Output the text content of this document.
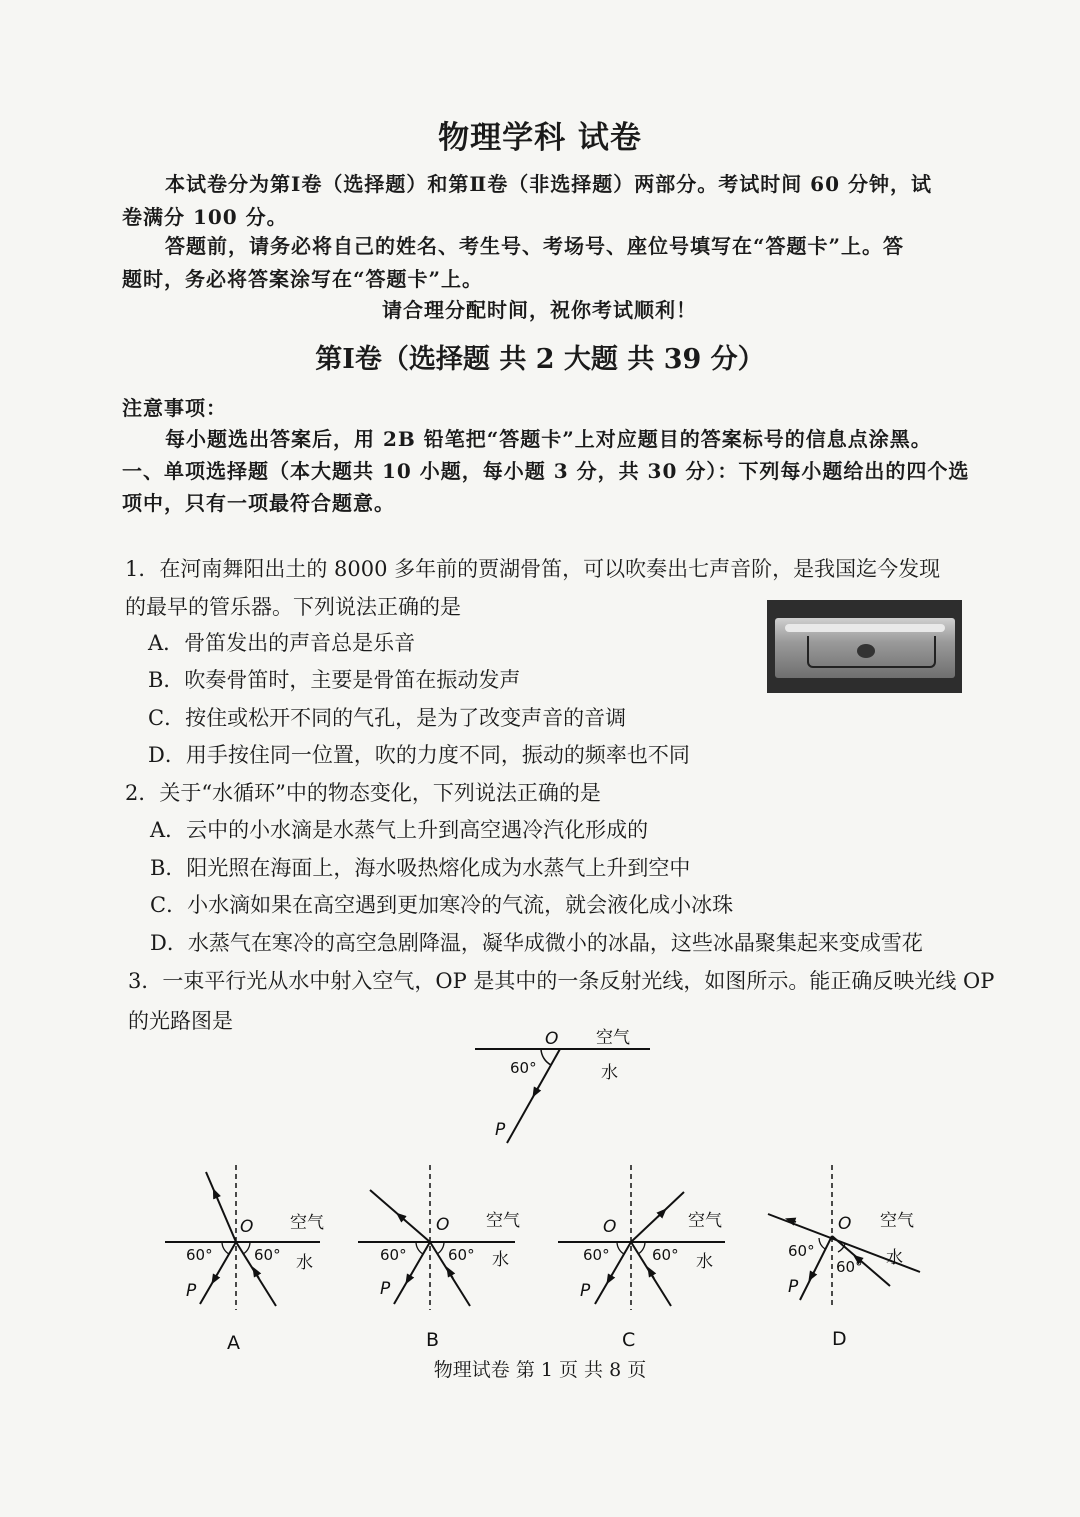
物理学科 试卷
本试卷分为第Ⅰ卷（选择题）和第Ⅱ卷（非选择题）两部分。考试时间 60 分钟，试
卷满分 100 分。
答题前，请务必将自己的姓名、考生号、考场号、座位号填写在“答题卡”上。答
题时，务必将答案涂写在“答题卡”上。
请合理分配时间，祝你考试顺利！
第Ⅰ卷（选择题 共 2 大题 共 39 分）
注意事项：
每小题选出答案后，用 2B 铅笔把“答题卡”上对应题目的答案标号的信息点涂黑。
一、单项选择题（本大题共 10 小题，每小题 3 分，共 30 分）：下列每小题给出的四个选
项中，只有一项最符合题意。
1．在河南舞阳出土的 8000 多年前的贾湖骨笛，可以吹奏出七声音阶，是我国迄今发现
的最早的管乐器。下列说法正确的是
A．骨笛发出的声音总是乐音
B．吹奏骨笛时，主要是骨笛在振动发声
C．按住或松开不同的气孔，是为了改变声音的音调
D．用手按住同一位置，吹的力度不同，振动的频率也不同
2．关于“水循环”中的物态变化，下列说法正确的是
A．云中的小水滴是水蒸气上升到高空遇冷汽化形成的
B．阳光照在海面上，海水吸热熔化成为水蒸气上升到空中
C．小水滴如果在高空遇到更加寒冷的气流，就会液化成小冰珠
D．水蒸气在寒冷的高空急剧降温，凝华成微小的冰晶，这些冰晶聚集起来变成雪花
3．一束平行光从水中射入空气，OP 是其中的一条反射光线，如图所示。能正确反映光线 OP
的光路图是
O 空气
水
60°
P
O 空气
水
60°	60°
P
A
O 空气
水
60°	60°
P
B
O	空气
水
60°	60°
P
C
O 空气
水
60°
60°
P
D
物理试卷 第 1 页 共 8 页
